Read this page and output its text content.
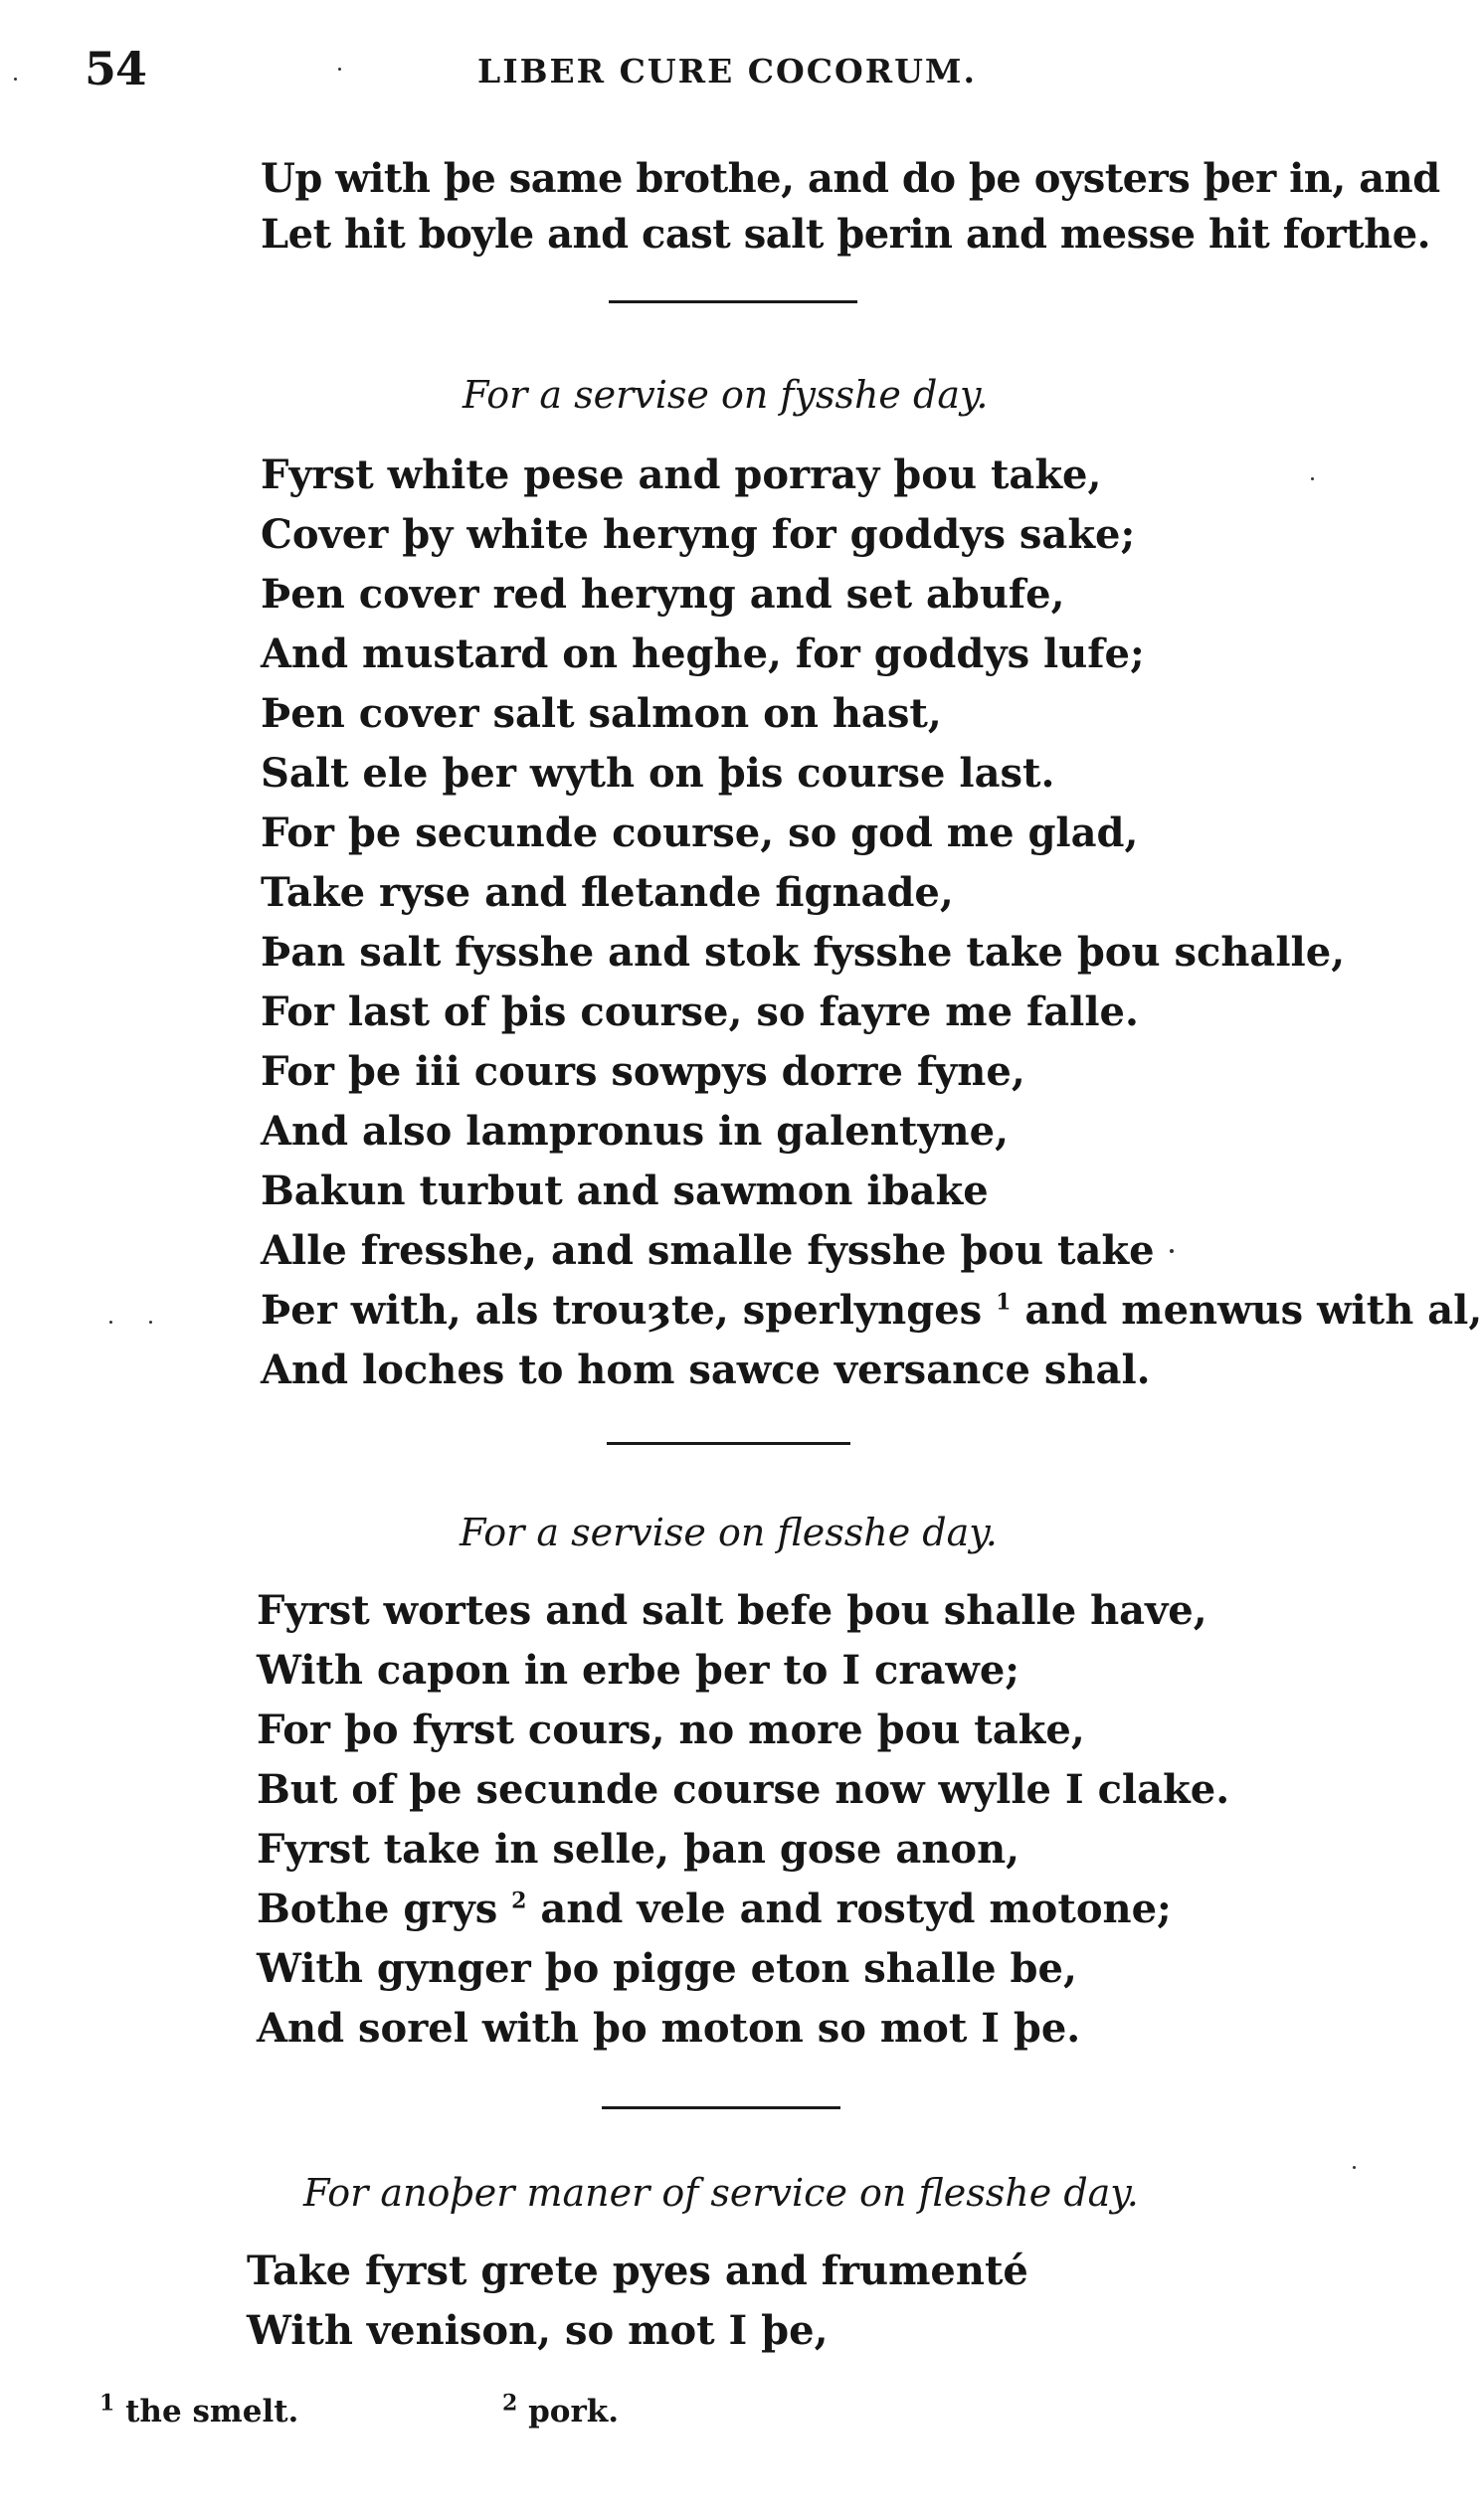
54	LIBER CURE COCORUM.
Up with þe same brothe, and do þe oysters þer in, and
Let hit boyle and cast salt þerin and messe hit forthe.
For a servise on fysshe day.
Fyrst white pese and porray þou take,
Cover þy white heryng for goddys sake;
Þen cover red heryng and set abufe,
And mustard on heghe, for goddys lufe;
Þen cover salt salmon on hast,
Salt ele þer wyth on þis course last.
For þe secunde course, so god me glad,
Take ryse and fletande fignade,
Þan salt fysshe and stok fysshe take þou schalle,
For last of þis course, so fayre me falle.
For þe iii cours sowpys dorre fyne,
And also lampronus in galentyne,
Bakun turbut and sawmon ibake
Alle fresshe, and smalle fysshe þou take
Þer with, als trouȝte, sperlynges $^1$ and menwus with al,
And loches to hom sawce versance shal.
For a servise on flesshe day.
Fyrst wortes and salt befe þou shalle have,
With capon in erbe þer to I crawe;
For þo fyrst cours, no more þou take,
But of þe secunde course now wylle I clake.
Fyrst take in selle, þan gose anon,
Bothe grys $^2$ and vele and rostyd motone;
With gynger þo pigge eton shalle be,
And sorel with þo moton so mot I þe.
For anoþer maner of service on flesshe day.
Take fyrst grete pyes and frumenté
With venison, so mot I þe,
$^1$ the smelt.	$^2$ pork.
